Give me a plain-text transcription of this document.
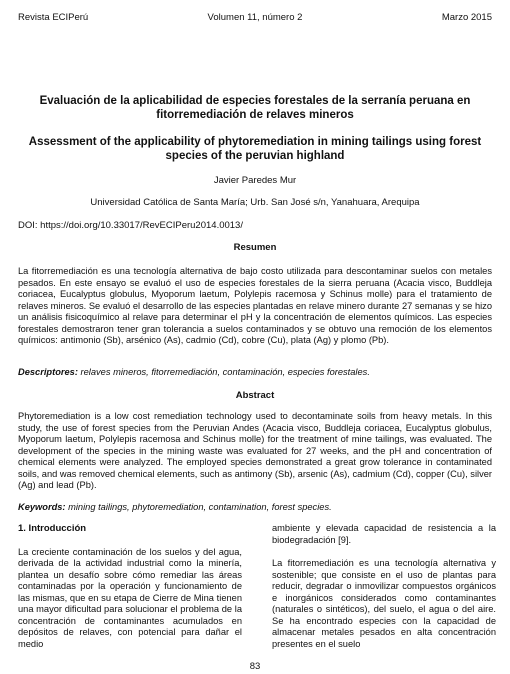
Revista ECIPerú	Volumen 11, número 2	Marzo 2015
Evaluación de la aplicabilidad de especies forestales de la serranía peruana en fitorremediación de relaves mineros
Assessment of the applicability of phytoremediation in mining tailings using forest species of the peruvian highland
Javier Paredes Mur
Universidad Católica de Santa María; Urb. San José s/n, Yanahuara, Arequipa
DOI: https://doi.org/10.33017/RevECIPeru2014.0013/
Resumen

La fitorremediación es una tecnología alternativa de bajo costo utilizada para descontaminar suelos con metales pesados. En este ensayo se evaluó el uso de especies forestales de la sierra peruana (Acacia visco, Buddleja coriacea, Eucalyptus globulus, Myoporum laetum, Polylepis racemosa y Schinus molle) para el tratamiento de relaves mineros. Se evaluó el desarrollo de las especies plantadas en relave minero durante 27 semanas y se hizo un análisis fisicoquímico al relave para determinar el pH y la concentración de elementos químicos. Las especies forestales demostraron tener gran tolerancia a suelos contaminados y se obtuvo una remoción de los elementos químicos: antimonio (Sb), arsénico (As), cadmio (Cd), cobre (Cu), plata (Ag) y plomo (Pb).

Descriptores: relaves mineros, fitorremediación, contaminación, especies forestales.

Abstract

Phytoremediation is a low cost remediation technology used to decontaminate soils from heavy metals. In this study, the use of forest species from the Peruvian Andes (Acacia visco, Buddleja coriacea, Eucalyptus globulus, Myoporum laetum, Polylepis racemosa and Schinus molle) for the treatment of mine tailings, was evaluated. The development of the species in the mining waste was evaluated for 27 weeks, and the pH and concentration of chemical elements were analyzed. The employed species demonstrated a great grow tolerance in contaminated soils, and was removed chemical elements, such as antimony (Sb), arsenic (As), cadmium (Cd), copper (Cu), silver (Ag) and lead (Pb).

Keywords: mining tailings, phytoremediation, contamination, forest species.

1. Introducción

La creciente contaminación de los suelos y del agua, derivada de la actividad industrial como la minería, plantea un desafío sobre cómo remediar las áreas contaminadas por la operación y funcionamiento de las mismas, que en su etapa de Cierre de Mina tienen una mayor dificultad para solucionar el problema de la concentración de contaminantes acumulados en depósitos de relaves, con potencial para dañar el medio

ambiente y elevada capacidad de resistencia a la biodegradación [9].

La fitorremediación es una tecnología alternativa y sostenible; que consiste en el uso de plantas para reducir, degradar o inmovilizar compuestos orgánicos e inorgánicos considerados como contaminantes (naturales o sintéticos), del suelo, el agua o del aire. Se ha encontrado especies con la capacidad de almacenar metales pesados en alta concentración presentes en el suelo

83
